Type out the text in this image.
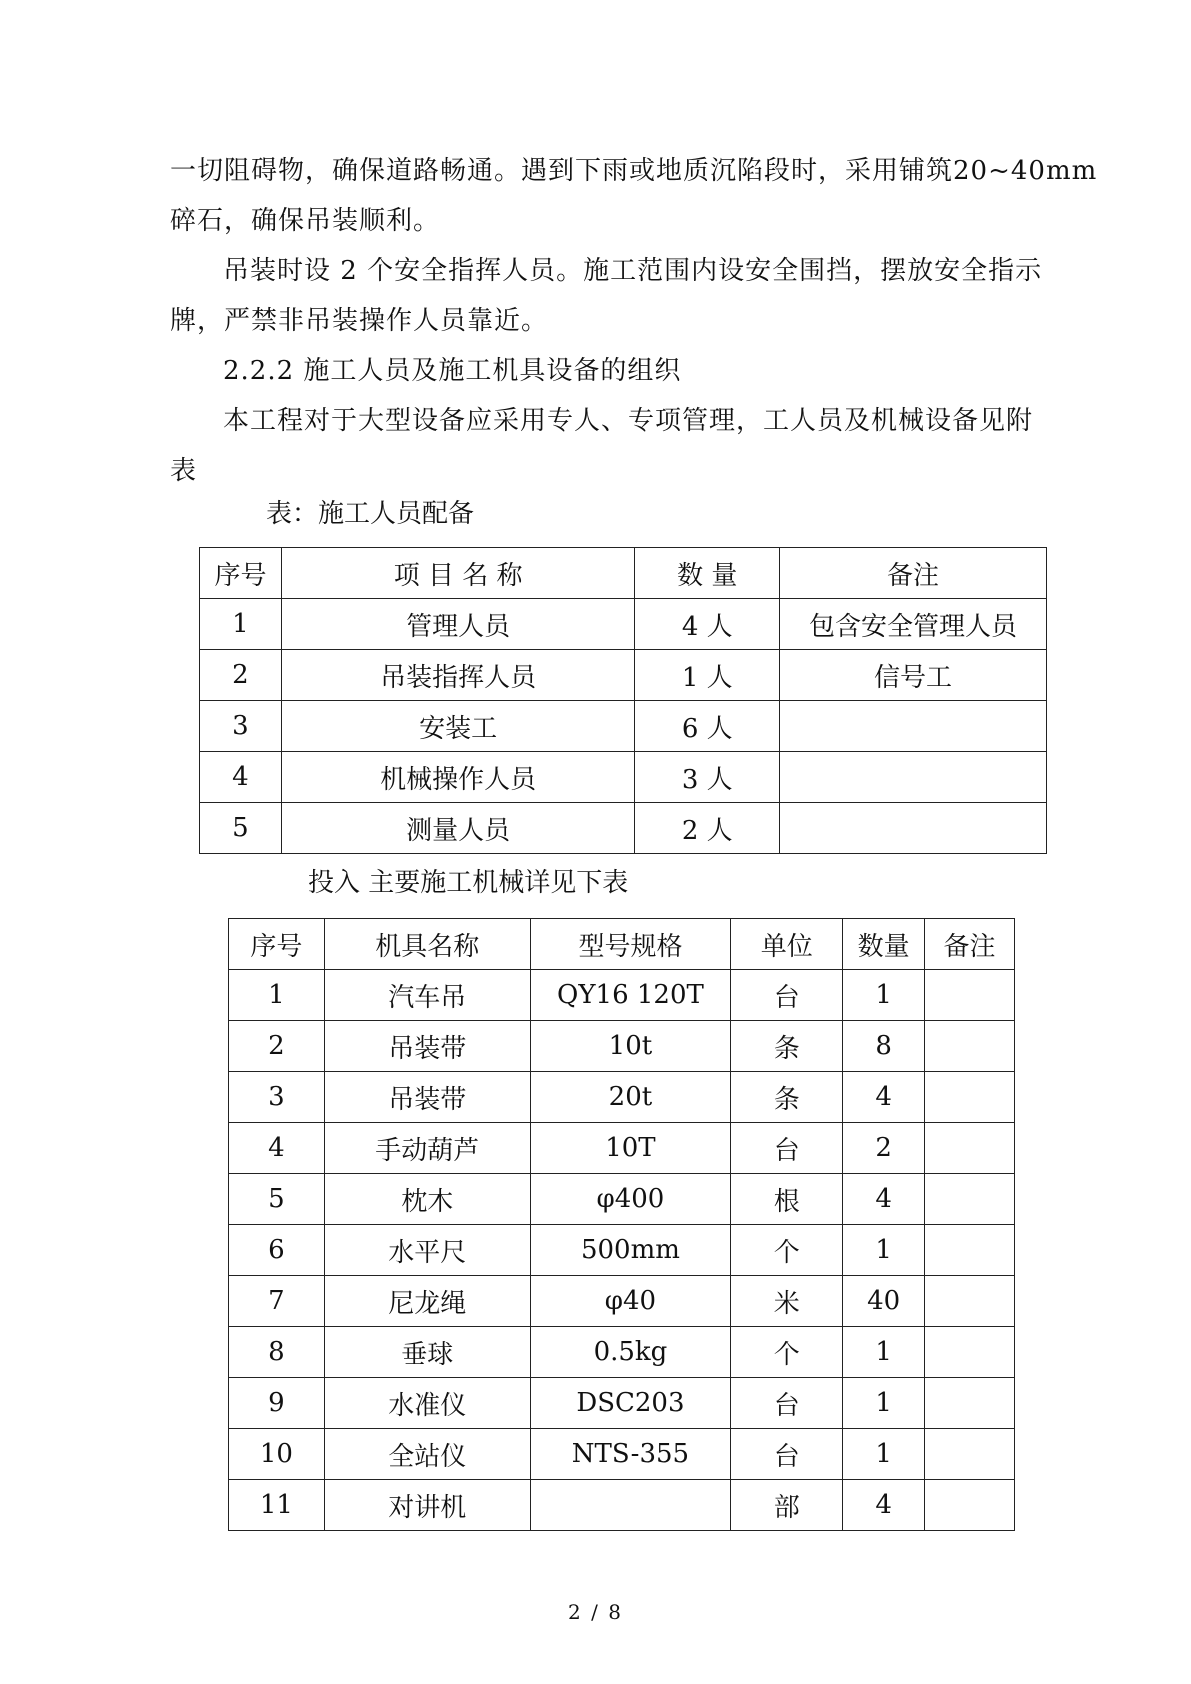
一切阻碍物，确保道路畅通。遇到下雨或地质沉陷段时，采用铺筑20~40mm
碎石，确保吊装顺利。
吊装时设 2 个安全指挥人员。施工范围内设安全围挡，摆放安全指示
牌，严禁非吊装操作人员靠近。
2.2.2 施工人员及施工机具设备的组织
本工程对于大型设备应采用专人、专项管理，工人员及机械设备见附
表
表：施工人员配备
序号	项 目 名 称	数 量	备注
1	管理人员	4 人	包含安全管理人员
2	吊装指挥人员	1 人	信号工
3	安装工	6 人	
4	机械操作人员	3 人	
5	测量人员	2 人	
投入 主要施工机械详见下表
序号	机具名称	型号规格	单位	数量	备注
1	汽车吊	QY16 120T	台	1	
2	吊装带	10t	条	8	
3	吊装带	20t	条	4	
4	手动葫芦	10T	台	2	
5	枕木	φ400	根	4	
6	水平尺	500mm	个	1	
7	尼龙绳	φ40	米	40	
8	垂球	0.5kg	个	1	
9	水准仪	DSC203	台	1	
10	全站仪	NTS-355	台	1	
11	对讲机		部	4	
2 / 8
